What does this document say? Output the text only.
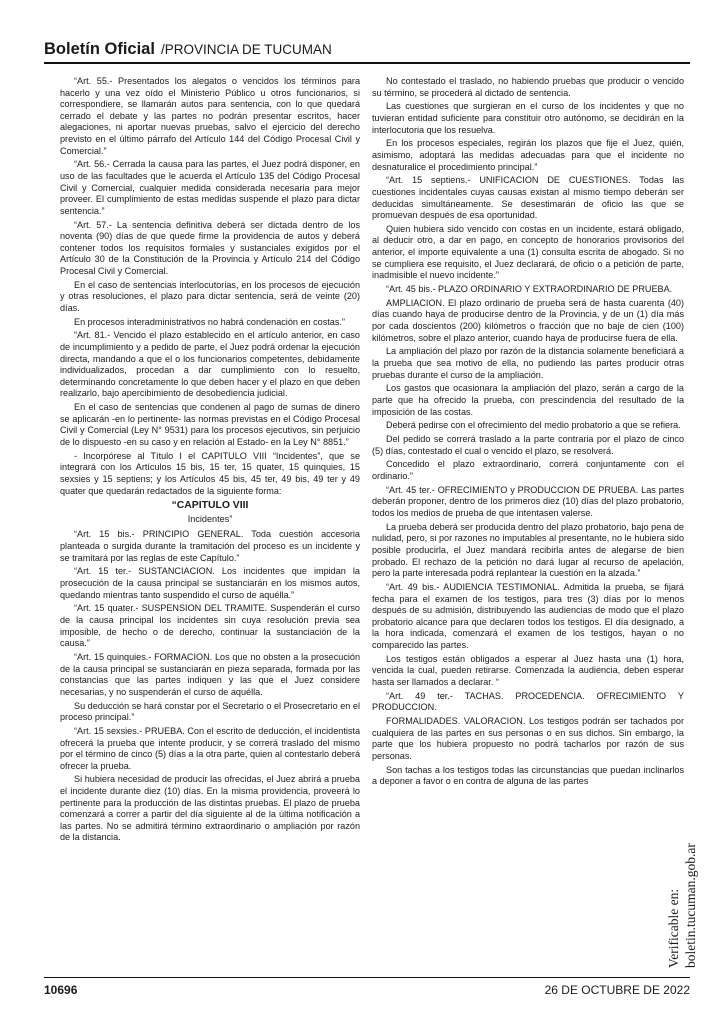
Boletín Oficial /PROVINCIA DE TUCUMAN

“Art. 55.- Presentados los alegatos o vencidos los términos para hacerlo y una vez oído el Ministerio Público u otros funcionarios, si correspondiere, se llamarán autos para sentencia, con lo que quedará cerrado el debate y las partes no podrán presentar escritos, hacer alegaciones, ni aportar nuevas pruebas, salvo el ejercicio del derecho previsto en el último párrafo del Artículo 144 del Código Procesal Civil y Comercial.”

“Art. 56.- Cerrada la causa para las partes, el Juez podrá disponer, en uso de las facultades que le acuerda el Artículo 135 del Código Procesal Civil y Comercial, cualquier medida considerada necesaria para mejor proveer. El cumplimiento de estas medidas suspende el plazo para dictar sentencia.”

“Art. 57.- La sentencia definitiva deberá ser dictada dentro de los noventa (90) días de que quede firme la providencia de autos y deberá contener todos los requisitos formales y sustanciales exigidos por el Artículo 30 de la Constitución de la Provincia y Artículo 214 del Código Procesal Civil y Comercial.

En el caso de sentencias interlocutorias, en los procesos de ejecución y otras resoluciones, el plazo para dictar sentencia, será de veinte (20) días.

En procesos interadministrativos no habrá condenación en costas.”

“Art. 81.- Vencido el plazo establecido en el artículo anterior, en caso de incumplimiento y a pedido de parte, el Juez podrá ordenar la ejecución directa, mandando a que el o los funcionarios competentes, debidamente individualizados, procedan a dar cumplimiento con lo resuelto, determinando concretamente lo que deben hacer y el plazo en que deben realizarlo, bajo apercibimiento de desobediencia judicial.

En el caso de sentencias que condenen al pago de sumas de dinero se aplicarán -en lo pertinente- las normas previstas en el Código Procesal Civil y Comercial (Ley N° 9531) para los procesos ejecutivos, sin perjuicio de lo dispuesto -en su caso y en relación al Estado- en la Ley N° 8851.”

- Incorpórese al Título I el CAPITULO VIII “Incidentes”, que se integrará con los Artículos 15 bis, 15 ter, 15 quater, 15 quinquies, 15 sexsies y 15 septiens; y los Artículos 45 bis, 45 ter, 49 bis, 49 ter y 49 quater que quedarán redactados de la siguiente forma:

“CAPITULO VIII

Incidentes”

“Art. 15 bis.- PRINCIPIO GENERAL. Toda cuestión accesoria planteada o surgida durante la tramitación del proceso es un incidente y se tramitará por las reglas de este Capítulo.”

“Art. 15 ter.- SUSTANCIACION. Los incidentes que impidan la prosecución de la causa principal se sustanciarán en los mismos autos, quedando mientras tanto suspendido el curso de aquélla.”

“Art. 15 quater.- SUSPENSION DEL TRAMITE. Suspenderán el curso de la causa principal los incidentes sin cuya resolución previa sea imposible, de hecho o de derecho, continuar la sustanciación de la causa.”

“Art. 15 quinquies.- FORMACION. Los que no obsten a la prosecución de la causa principal se sustanciarán en pieza separada, formada por las constancias que las partes indiquen y las que el Juez considere necesarias, y no suspenderán el curso de aquélla.

Su deducción se hará constar por el Secretario o el Prosecretario en el proceso principal.”

“Art. 15 sexsies.- PRUEBA. Con el escrito de deducción, el incidentista ofrecerá la prueba que intente producir, y se correrá traslado del mismo por el término de cinco (5) días a la otra parte, quien al contestarlo deberá ofrecer la prueba.

Si hubiera necesidad de producir las ofrecidas, el Juez abrirá a prueba el incidente durante diez (10) días. En la misma providencia, proveerá lo pertinente para la producción de las distintas pruebas. El plazo de prueba comenzará a correr a partir del día siguiente al de la última notificación a las partes. No se admitirá término extraordinario o ampliación por razón de la distancia.

No contestado el traslado, no habiendo pruebas que producir o vencido su término, se procederá al dictado de sentencia.

Las cuestiones que surgieran en el curso de los incidentes y que no tuvieran entidad suficiente para constituir otro autónomo, se decidirán en la interlocutoria que los resuelva.

En los procesos especiales, regirán los plazos que fije el Juez, quién, asimismo, adoptará las medidas adecuadas para que el incidente no desnaturalice el procedimiento principal.”

“Art. 15 septiens.- UNIFICACION DE CUESTIONES. Todas las cuestiones incidentales cuyas causas existan al mismo tiempo deberán ser deducidas simultáneamente. Se desestimarán de oficio las que se promuevan después de esa oportunidad.

Quien hubiera sido vencido con costas en un incidente, estará obligado, al deducir otro, a dar en pago, en concepto de honorarios provisorios del anterior, el importe equivalente a una (1) consulta escrita de abogado. Si no se cumpliera ese requisito, el Juez declarará, de oficio o a petición de parte, inadmisible el nuevo incidente.”

“Art. 45 bis.- PLAZO ORDINARIO Y EXTRAORDINARIO DE PRUEBA.

AMPLIACION. El plazo ordinario de prueba será de hasta cuarenta (40) días cuando haya de producirse dentro de la Provincia, y de un (1) día más por cada doscientos (200) kilómetros o fracción que no baje de cien (100) kilómetros, sobre el plazo anterior, cuando haya de producirse fuera de ella.

La ampliación del plazo por razón de la distancia solamente beneficiará a la prueba que sea motivo de ella, no pudiendo las partes producir otras pruebas durante el curso de la ampliación.

Los gastos que ocasionara la ampliación del plazo, serán a cargo de la parte que ha ofrecido la prueba, con prescindencia del resultado de la imposición de las costas.

Deberá pedirse con el ofrecimiento del medio probatorio a que se refiera.

Del pedido se correrá traslado a la parte contraria por el plazo de cinco (5) días, contestado el cual o vencido el plazo, se resolverá.

Concedido el plazo extraordinario, correrá conjuntamente con el ordinario.”

“Art. 45 ter.- OFRECIMIENTO y PRODUCCION DE PRUEBA. Las partes deberán proponer, dentro de los primeros diez (10) días del plazo probatorio, todos los medios de prueba de que intentasen valerse.

La prueba deberá ser producida dentro del plazo probatorio, bajo pena de nulidad, pero, si por razones no imputables al presentante, no le hubiera sido posible producirla, el Juez mandará recibirla antes de alegarse de bien probado. El rechazo de la petición no dará lugar al recurso de apelación, pero la parte interesada podrá replantear la cuestión en la alzada.”

“Art. 49 bis.- AUDIENCIA TESTIMONIAL. Admitida la prueba, se fijará fecha para el examen de los testigos, para tres (3) días por lo menos después de su admisión, distribuyendo las audiencias de modo que el plazo probatorio alcance para que declaren todos los testigos. El día designado, a la hora indicada, comenzará el examen de los testigos, hayan o no comparecido las partes.

Los testigos están obligados a esperar al Juez hasta una (1) hora, vencida la cual, pueden retirarse. Comenzada la audiencia, deben esperar hasta ser llamados a declarar. “

“Art. 49 ter.- TACHAS. PROCEDENCIA. OFRECIMIENTO Y PRODUCCION.

FORMALIDADES. VALORACION. Los testigos podrán ser tachados por cualquiera de las partes en sus personas o en sus dichos. Sin embargo, la parte que los hubiera propuesto no podrá tacharlos por razón de sus personas.

Son tachas a los testigos todas las circunstancias que puedan inclinarlos a deponer a favor o en contra de alguna de las partes

Verificable en: boletin.tucuman.gob.ar
10696	26 DE OCTUBRE DE 2022
